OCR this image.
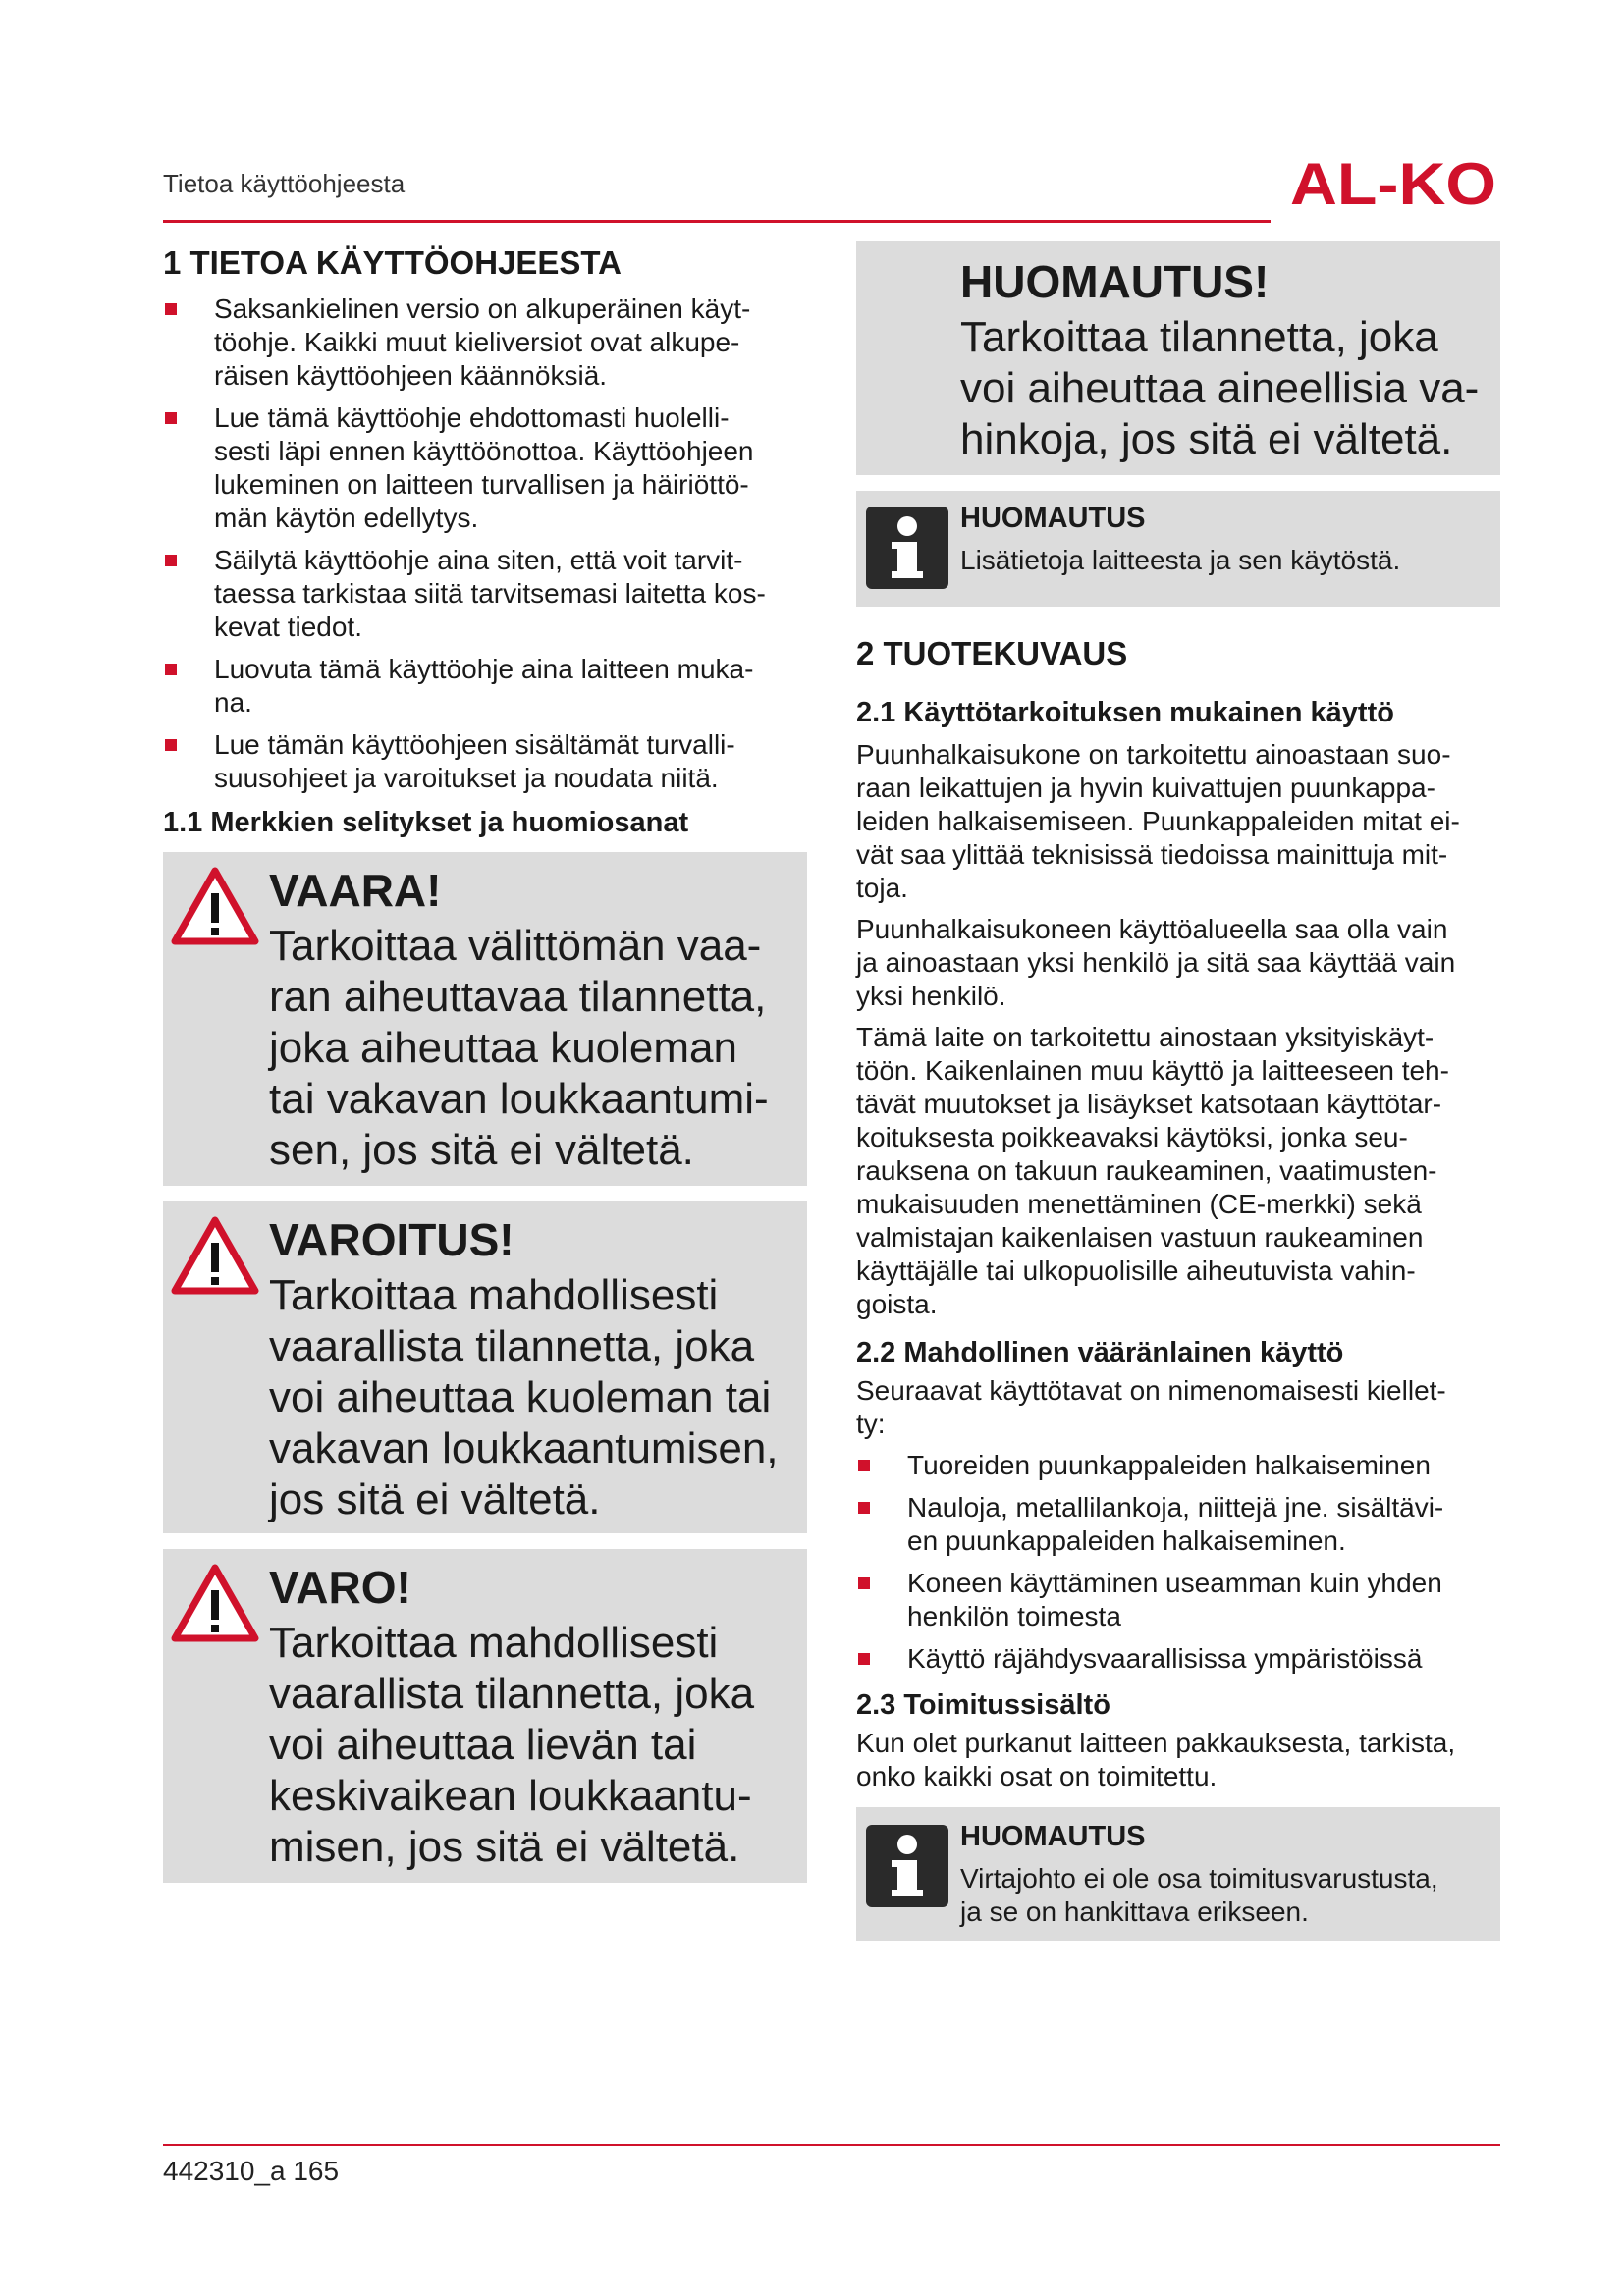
Tietoa käyttöohjeesta	AL-KO
1 TIETOA KÄYTTÖOHJEESTA
Saksankielinen versio on alkuperäinen käyt-
töohje. Kaikki muut kieliversiot ovat alkupe-
räisen käyttöohjeen käännöksiä.
Lue tämä käyttöohje ehdottomasti huolelli-
sesti läpi ennen käyttöönottoa. Käyttöohjeen
lukeminen on laitteen turvallisen ja häiriöttö-
män käytön edellytys.
Säilytä käyttöohje aina siten, että voit tarvit-
taessa tarkistaa siitä tarvitsemasi laitetta kos-
kevat tiedot.
Luovuta tämä käyttöohje aina laitteen muka-
na.
Lue tämän käyttöohjeen sisältämät turvalli-
suusohjeet ja varoitukset ja noudata niitä.
1.1 Merkkien selitykset ja huomiosanat
VAARA!
Tarkoittaa välittömän vaa-
ran aiheuttavaa tilannetta,
joka aiheuttaa kuoleman
tai vakavan loukkaantumi-
sen, jos sitä ei vältetä.
VAROITUS!
Tarkoittaa mahdollisesti
vaarallista tilannetta, joka
voi aiheuttaa kuoleman tai
vakavan loukkaantumisen,
jos sitä ei vältetä.
VARO!
Tarkoittaa mahdollisesti
vaarallista tilannetta, joka
voi aiheuttaa lievän tai
keskivaikean loukkaantu-
misen, jos sitä ei vältetä.
HUOMAUTUS!
Tarkoittaa tilannetta, joka
voi aiheuttaa aineellisia va-
hinkoja, jos sitä ei vältetä.
HUOMAUTUS
Lisätietoja laitteesta ja sen käytöstä.
2 TUOTEKUVAUS
2.1 Käyttötarkoituksen mukainen käyttö

Puunhalkaisukone on tarkoitettu ainoastaan suo-
raan leikattujen ja hyvin kuivattujen puunkappa-
leiden halkaisemiseen. Puunkappaleiden mitat ei-
vät saa ylittää teknisissä tiedoissa mainittuja mit-
toja.

Puunhalkaisukoneen käyttöalueella saa olla vain
ja ainoastaan yksi henkilö ja sitä saa käyttää vain
yksi henkilö.

Tämä laite on tarkoitettu ainostaan yksityiskäyt-
töön. Kaikenlainen muu käyttö ja laitteeseen teh-
tävät muutokset ja lisäykset katsotaan käyttötar-
koituksesta poikkeavaksi käytöksi, jonka seu-
rauksena on takuun raukeaminen, vaatimusten-
mukaisuuden menettäminen (CE-merkki) sekä
valmistajan kaikenlaisen vastuun raukeaminen
käyttäjälle tai ulkopuolisille aiheutuvista vahin-
goista.

2.2 Mahdollinen vääränlainen käyttö

Seuraavat käyttötavat on nimenomaisesti kiellet-
ty:

Tuoreiden puunkappaleiden halkaiseminen
Nauloja, metallilankoja, niittejä jne. sisältävi-
en puunkappaleiden halkaiseminen.
Koneen käyttäminen useamman kuin yhden
henkilön toimesta
Käyttö räjähdysvaarallisissa ympäristöissä
2.3 Toimitussisältö

Kun olet purkanut laitteen pakkauksesta, tarkista,
onko kaikki osat on toimitettu.

HUOMAUTUS
Virtajohto ei ole osa toimitusvarustusta,
ja se on hankittava erikseen.
442310_a 165
